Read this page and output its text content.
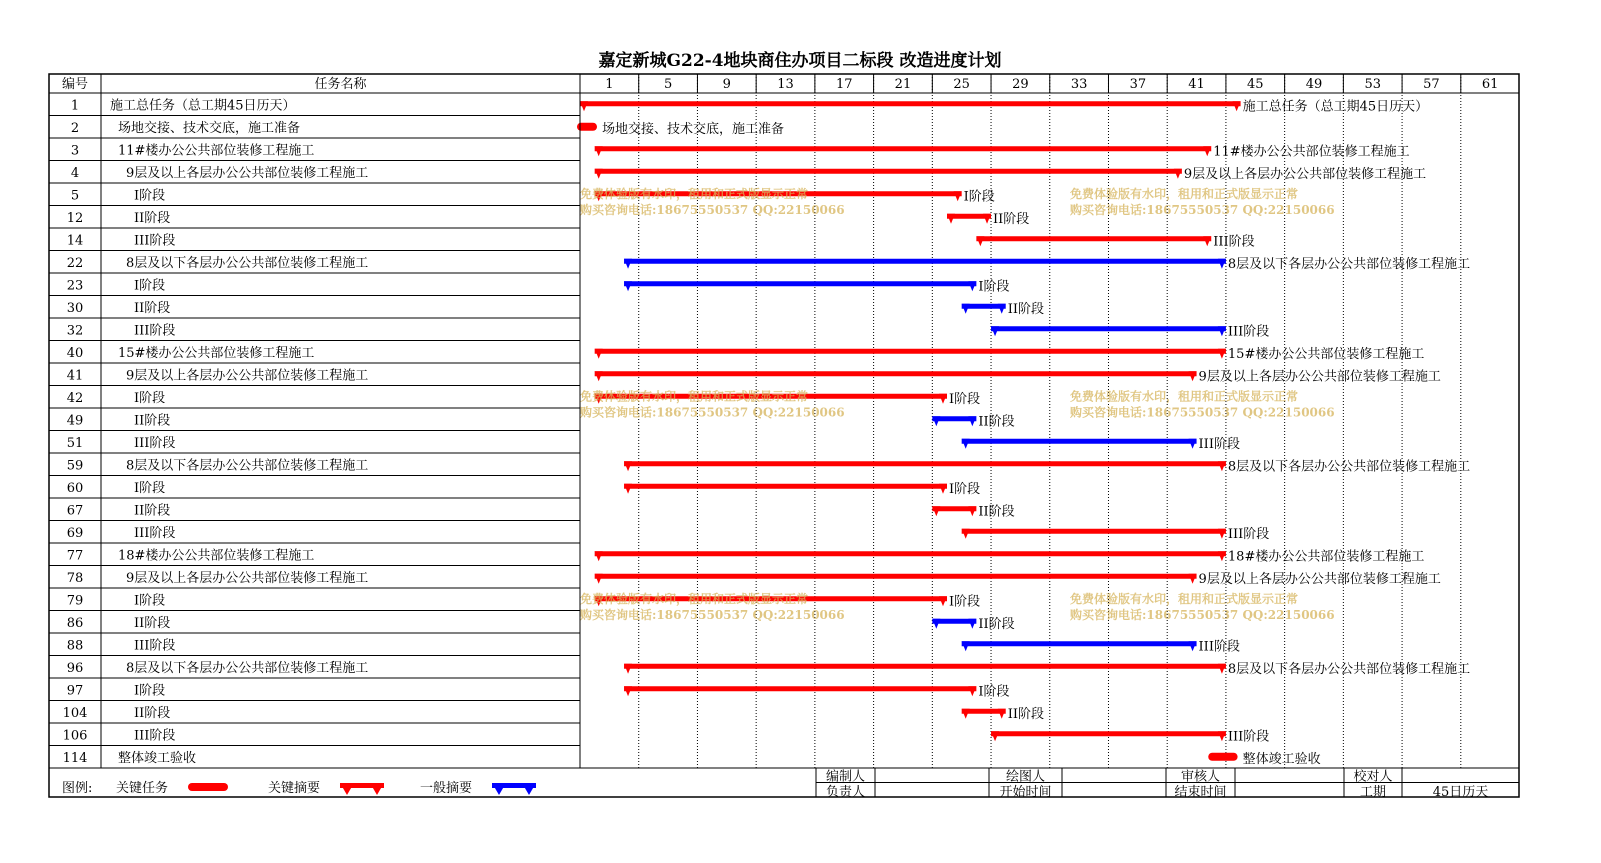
嘉定新城G22-4地块商住办项目二标段 改造进度计划
1	5	9	13	17	21	25	29	33	37	41	45	49	53	57	61
编号	任务名称
1 施工总任务（总工期45日历天）	施工总任务（总工期45日历天）
2	场地交接、技术交底，施工准备	场地交接、技术交底，施工准备
3	11#楼办公公共部位装修工程施工	11#楼办公公共部位装修工程施工
4	9层及以上各层办公公共部位装修工程施工	9层及以上各层办公公共部位装修工程施工
5	I阶段	I阶段
12	II阶段	II阶段
14	III阶段	III阶段
22	8层及以下各层办公公共部位装修工程施工	8层及以下各层办公公共部位装修工程施工
23	I阶段	I阶段
30	II阶段	II阶段
32	III阶段	III阶段
40	15#楼办公公共部位装修工程施工	15#楼办公公共部位装修工程施工
41	9层及以上各层办公公共部位装修工程施工	9层及以上各层办公公共部位装修工程施工
42	I阶段	I阶段
49	II阶段	II阶段
51	III阶段	III阶段
59	8层及以下各层办公公共部位装修工程施工	8层及以下各层办公公共部位装修工程施工
60	I阶段	I阶段
67	II阶段	II阶段
69	III阶段	III阶段
77	18#楼办公公共部位装修工程施工	18#楼办公公共部位装修工程施工
78	9层及以上各层办公公共部位装修工程施工	9层及以上各层办公公共部位装修工程施工
79	I阶段	I阶段
86	II阶段	II阶段
88	III阶段	III阶段
96	8层及以下各层办公公共部位装修工程施工	8层及以下各层办公公共部位装修工程施工
97	I阶段	I阶段
104	II阶段	II阶段
106	III阶段	III阶段
114 整体竣工验收	整体竣工验收
免费体验版有水印，租用和正式版显示正常
购买咨询电话:18675550537 QQ:22150066
免费体验版有水印，租用和正式版显示正常
购买咨询电话:18675550537 QQ:22150066
免费体验版有水印，租用和正式版显示正常
购买咨询电话:18675550537 QQ:22150066
免费体验版有水印，租用和正式版显示正常
购买咨询电话:18675550537 QQ:22150066
免费体验版有水印，租用和正式版显示正常
购买咨询电话:18675550537 QQ:22150066
免费体验版有水印，租用和正式版显示正常
购买咨询电话:18675550537 QQ:22150066
图例: 关键任务	关键摘要	一般摘要
编制人	绘图人	审核人	校对人
负责人	开始时间	结束时间	工期	45日历天
